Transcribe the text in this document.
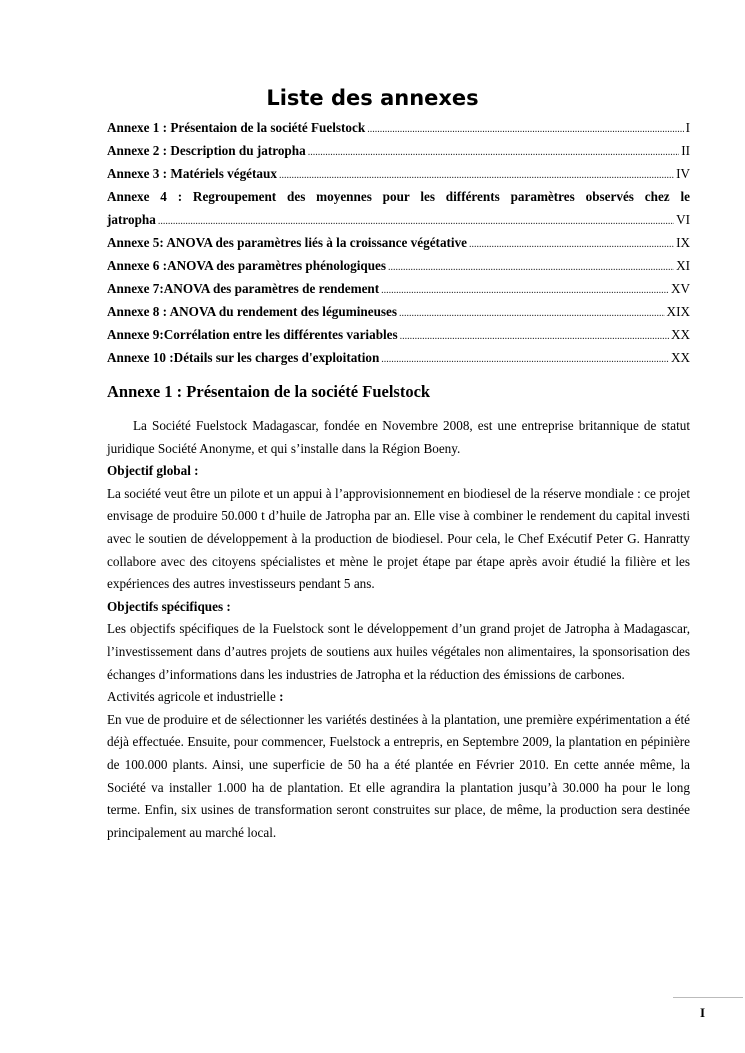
Liste des annexes
Annexe 1 : Présentaion de la société Fuelstock .....	I
Annexe 2 : Description du jatropha .....	II
Annexe 3 : Matériels végétaux .....	IV
Annexe 4 : Regroupement des moyennes pour les différents paramètres observés chez le
jatropha .....	VI
Annexe 5: ANOVA des paramètres liés à la croissance végétative .....	IX
Annexe 6 :ANOVA des paramètres phénologiques .....	XI
Annexe 7:ANOVA des paramètres de rendement .....	XV
Annexe 8 : ANOVA du rendement des légumineuses .....	XIX
Annexe 9:Corrélation entre les différentes variables .....	XX
Annexe 10 :Détails sur les charges d'exploitation .....	XX
Annexe 1 : Présentaion de la société Fuelstock

La Société Fuelstock Madagascar, fondée en Novembre 2008, est une entreprise britannique de statut juridique Société Anonyme, et qui s’installe dans la Région Boeny.

Objectif global :

La société veut être un pilote et un appui à l’approvisionnement en biodiesel de la réserve mondiale : ce projet envisage de produire 50.000 t d’huile de Jatropha par an. Elle vise à combiner le rendement du capital investi avec le soutien de développement à la production de biodiesel. Pour cela, le Chef Exécutif Peter G. Hanratty collabore avec des citoyens spécialistes et mène le projet étape par étape après avoir étudié la filière et les expériences des autres investisseurs pendant 5 ans.

Objectifs spécifiques :

Les objectifs spécifiques de la Fuelstock sont le développement d’un grand projet de Jatropha à Madagascar, l’investissement dans d’autres projets de soutiens aux huiles végétales non alimentaires, la sponsorisation des échanges d’informations dans les industries de Jatropha et la réduction des émissions de carbones.

Activités agricole et industrielle :

En vue de produire et de sélectionner les variétés destinées à la plantation, une première expérimentation a été déjà effectuée. Ensuite, pour commencer, Fuelstock a entrepris, en Septembre 2009, la plantation en pépinière de 100.000 plants. Ainsi, une superficie de 50 ha a été plantée en Février 2010. En cette année même, la Société va installer 1.000 ha de plantation. Et elle agrandira la plantation jusqu’à 30.000 ha pour le long terme. Enfin, six usines de transformation seront construites sur place, de même, la production sera destinée principalement au marché local.

I
